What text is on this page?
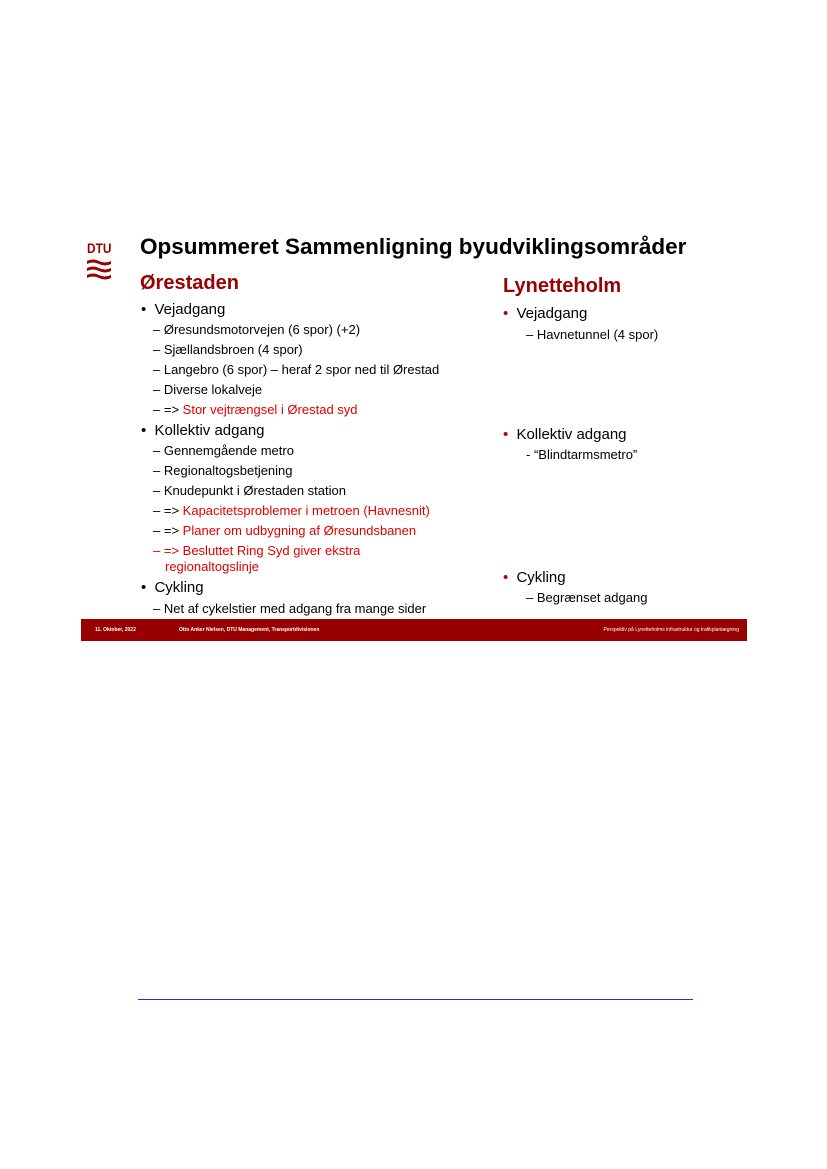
DTU Opsummeret Sammenligning byudviklingsområder
Ørestaden
• Vejadgang
– Øresundsmotorvejen (6 spor) (+2)
– Sjællandsbroen (4 spor)
– Langebro (6 spor) – heraf 2 spor ned til Ørestad
– Diverse lokalveje
– => Stor vejtrængsel i Ørestad syd
• Kollektiv adgang
– Gennemgående metro
– Regionaltogsbetjening
– Knudepunkt i Ørestaden station
– => Kapacitetsproblemer i metroen (Havnesnit)
– => Planer om udbygning af Øresundsbanen
– => Besluttet Ring Syd giver ekstra
regionaltogslinje
• Cykling
– Net af cykelstier med adgang fra mange sider
Lynetteholm
• Vejadgang
– Havnetunnel (4 spor)
• Kollektiv adgang
- “Blindtarmsmetro”
• Cykling
– Begrænset adgang
11. Oktober, 2022	Otto Anker Nielsen, DTU Management, Transportdivisionen	Perspektiv på Lynetteholms infrastruktur og trafikplanlægning
